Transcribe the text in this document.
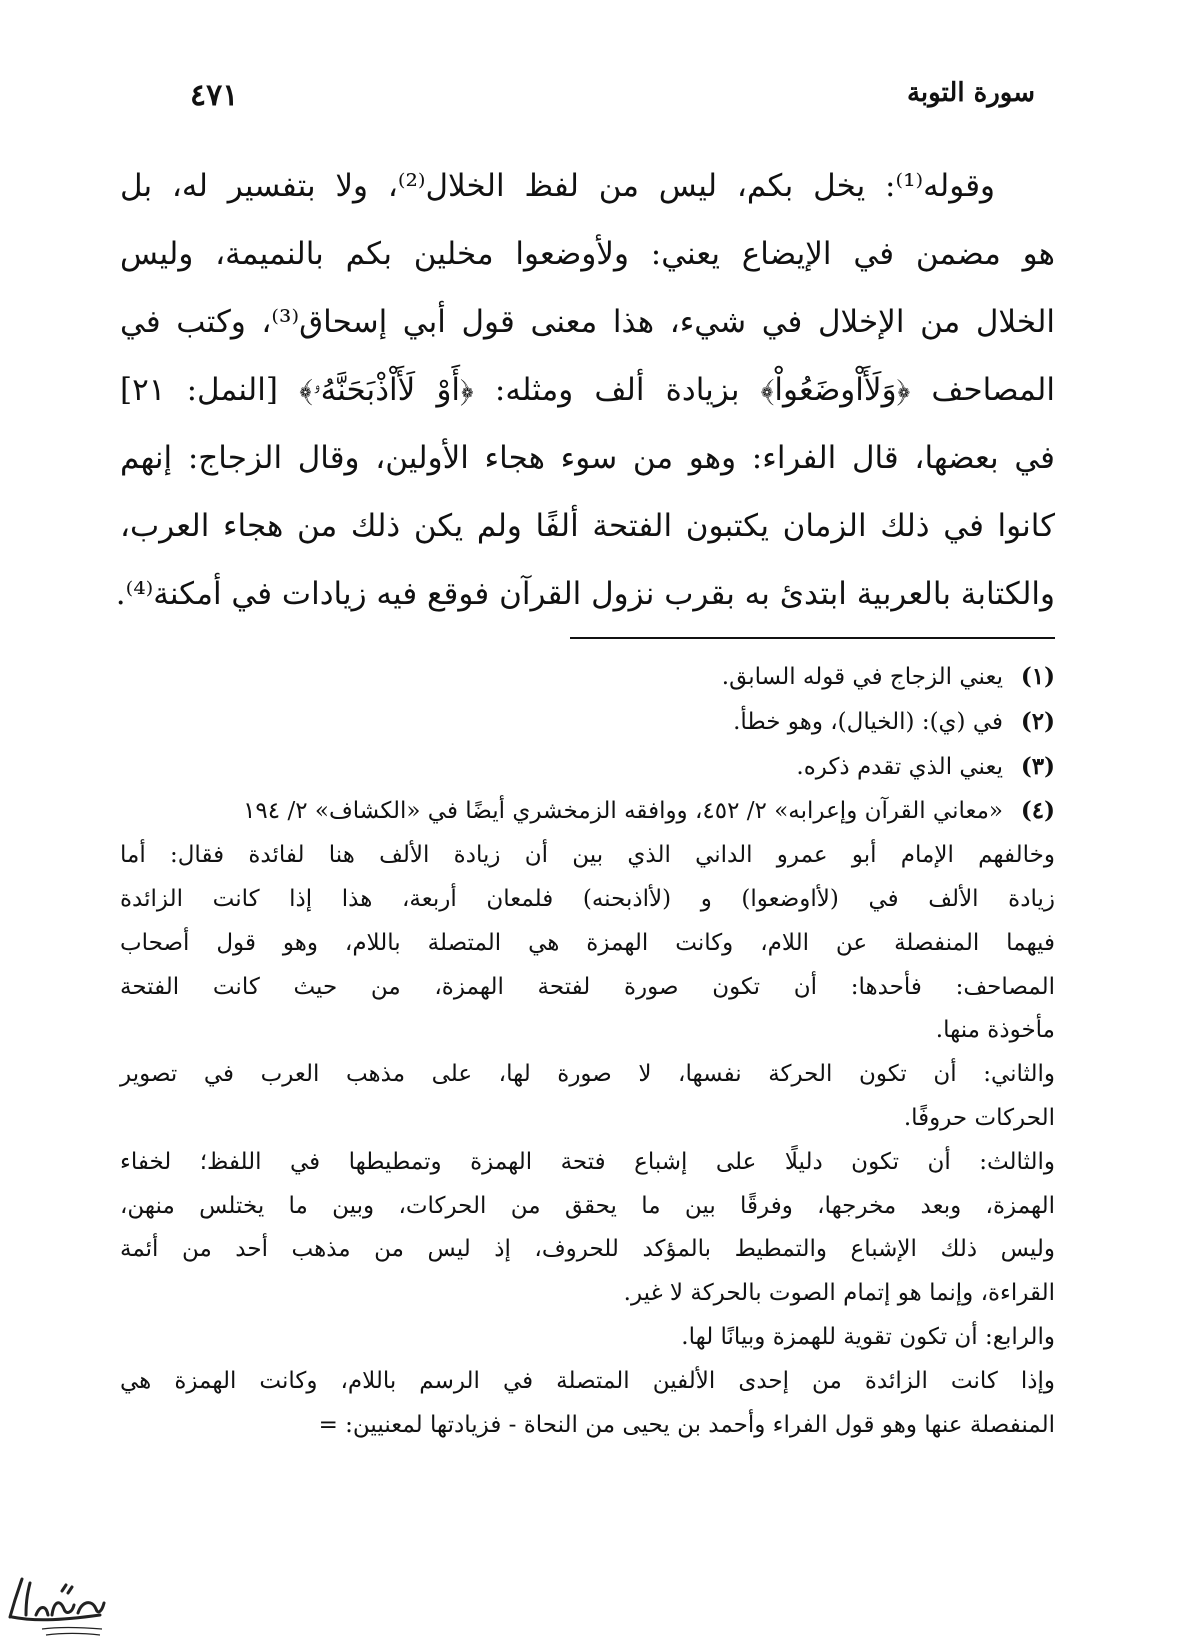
سورة التوبة
٤٧١
وقوله⁽¹⁾: يخل بكم، ليس من لفظ الخلال⁽²⁾، ولا بتفسير له، بل
هو مضمن في الإيضاع يعني: ولأوضعوا مخلين بكم بالنميمة، وليس
الخلال من الإخلال في شيء، هذا معنى قول أبي إسحاق⁽³⁾، وكتب في
المصاحف ﴿وَلَأَاْوضَعُواْ﴾ بزيادة ألف ومثله: ﴿أَوْ لَأَاْذْبَحَنَّهُۥ﴾ [النمل: ٢١]
في بعضها، قال الفراء: وهو من سوء هجاء الأولين، وقال الزجاج: إنهم
كانوا في ذلك الزمان يكتبون الفتحة ألفًا ولم يكن ذلك من هجاء العرب،
والكتابة بالعربية ابتدئ به بقرب نزول القرآن فوقع فيه زيادات في أمكنة⁽⁴⁾.
(١)يعني الزجاج في قوله السابق.
(٢)في (ي): (الخيال)، وهو خطأ.
(٣)يعني الذي تقدم ذكره.
(٤)«معاني القرآن وإعرابه» ٢/ ٤٥٢، ووافقه الزمخشري أيضًا في «الكشاف» ٢/ ١٩٤
وخالفهم الإمام أبو عمرو الداني الذي بين أن زيادة الألف هنا لفائدة فقال: أما
زيادة الألف في (لأاوضعوا) و (لأاذبحنه) فلمعان أربعة، هذا إذا كانت الزائدة
فيهما المنفصلة عن اللام، وكانت الهمزة هي المتصلة باللام، وهو قول أصحاب
المصاحف: فأحدها: أن تكون صورة لفتحة الهمزة، من حيث كانت الفتحة
مأخوذة منها.
والثاني: أن تكون الحركة نفسها، لا صورة لها، على مذهب العرب في تصوير
الحركات حروفًا.
والثالث: أن تكون دليلًا على إشباع فتحة الهمزة وتمطيطها في اللفظ؛ لخفاء
الهمزة، وبعد مخرجها، وفرقًا بين ما يحقق من الحركات، وبين ما يختلس منهن،
وليس ذلك الإشباع والتمطيط بالمؤكد للحروف، إذ ليس من مذهب أحد من أئمة
القراءة، وإنما هو إتمام الصوت بالحركة لا غير.
والرابع: أن تكون تقوية للهمزة وبيانًا لها.
وإذا كانت الزائدة من إحدى الألفين المتصلة في الرسم باللام، وكانت الهمزة هي
المنفصلة عنها وهو قول الفراء وأحمد بن يحيى من النحاة - فزيادتها لمعنيين: =
